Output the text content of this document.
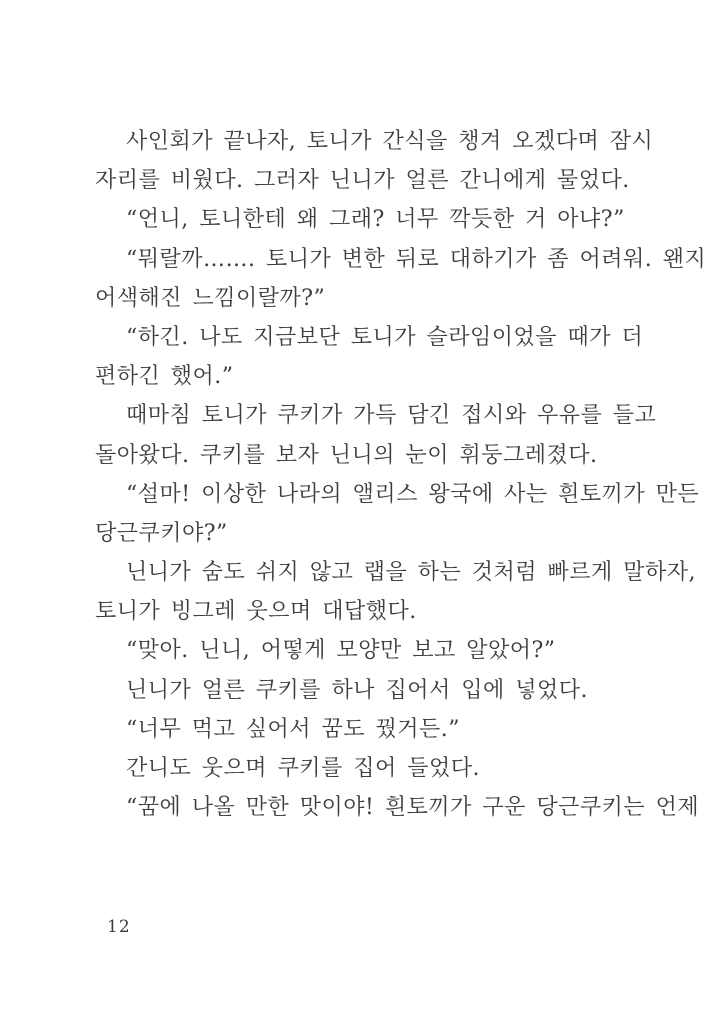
사인회가 끝나자, 토니가 간식을 챙겨 오겠다며 잠시
자리를 비웠다. 그러자 닌니가 얼른 간니에게 물었다.
“언니, 토니한테 왜 그래? 너무 깍듯한 거 아냐?”
“뭐랄까……. 토니가 변한 뒤로 대하기가 좀 어려워. 왠지
어색해진 느낌이랄까?”
“하긴. 나도 지금보단 토니가 슬라임이었을 때가 더
편하긴 했어.”
때마침 토니가 쿠키가 가득 담긴 접시와 우유를 들고
돌아왔다. 쿠키를 보자 닌니의 눈이 휘둥그레졌다.
“설마! 이상한 나라의 앨리스 왕국에 사는 흰토끼가 만든
당근쿠키야?”
닌니가 숨도 쉬지 않고 랩을 하는 것처럼 빠르게 말하자,
토니가 빙그레 웃으며 대답했다.
“맞아. 닌니, 어떻게 모양만 보고 알았어?”
닌니가 얼른 쿠키를 하나 집어서 입에 넣었다.
“너무 먹고 싶어서 꿈도 꿨거든.”
간니도 웃으며 쿠키를 집어 들었다.
“꿈에 나올 만한 맛이야! 흰토끼가 구운 당근쿠키는 언제
12
